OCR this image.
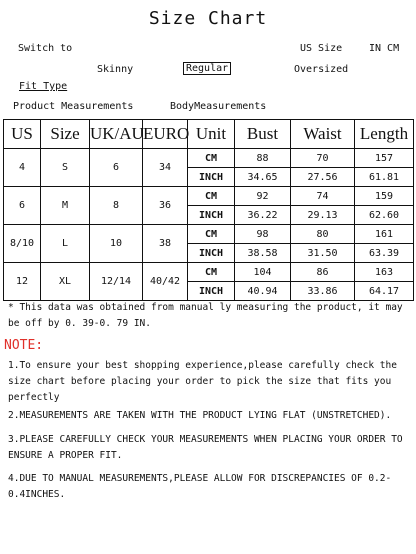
Size Chart
Switch to	US Size	IN CM
Skinny	Regular	Oversized
Fit Type
Product Measurements	BodyMeasurements
US	Size	UK/AU	EURO	Unit	Bust	Waist	Length
4	S	6	34	CM	88	70	157
				INCH	34.65	27.56	61.81
6	M	8	36	CM	92	74	159
				INCH	36.22	29.13	62.60
8/10	L	10	38	CM	98	80	161
				INCH	38.58	31.50	63.39
12	XL	12/14	40/42	CM	104	86	163
				INCH	40.94	33.86	64.17
* This data was obtained from manual ly measuring the product, it may be off by 0. 39-0. 79 IN.
NOTE:
1.To ensure your best shopping experience,please carefully check the size chart before placing your order to pick the size that fits you perfectly
2.MEASUREMENTS ARE TAKEN WITH THE PRODUCT LYING FLAT (UNSTRETCHED).
3.PLEASE CAREFULLY CHECK YOUR MEASUREMENTS WHEN PLACING YOUR ORDER TO ENSURE A PROPER FIT.
4.DUE TO MANUAL MEASUREMENTS,PLEASE ALLOW FOR DISCREPANCIES OF 0.2-0.4INCHES.
